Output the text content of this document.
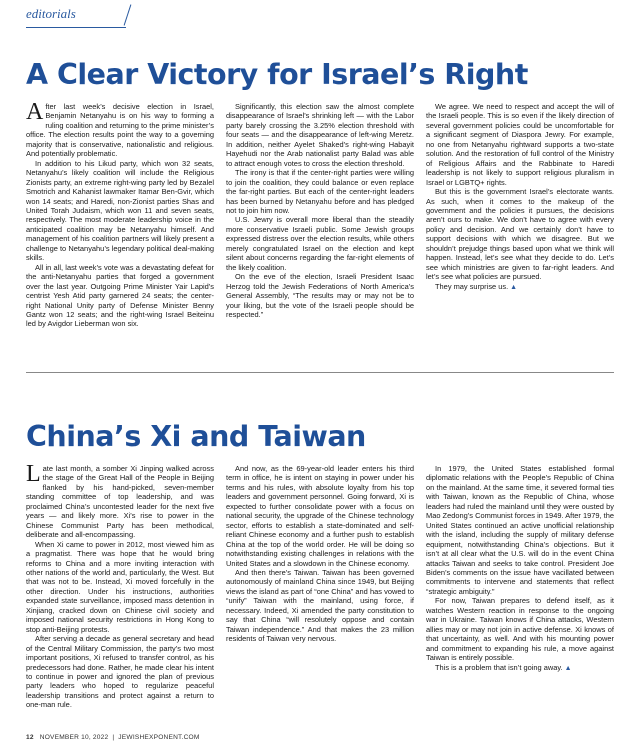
editorials
A Clear Victory for Israel’s Right

After last week’s decisive election in Israel, Benjamin Netanyahu is on his way to forming a ruling coalition and returning to the prime minister’s office. The election results point the way to a governing majority that is conservative, nationalistic and religious. And potentially problematic.

In addition to his Likud party, which won 32 seats, Netanyahu’s likely coalition will include the Religious Zionists party, an extreme right-wing party led by Bezalel Smotrich and Kahanist lawmaker Itamar Ben-Gvir, which won 14 seats; and Haredi, non-Zionist parties Shas and United Torah Judaism, which won 11 and seven seats, respectively. The most moderate leadership voice in the anticipated coalition may be Netanyahu himself. And management of his coalition partners will likely present a challenge to Netanyahu’s legendary political deal-making skills.

All in all, last week’s vote was a devastating defeat for the anti-Netanyahu parties that forged a government over the last year. Outgoing Prime Minister Yair Lapid’s centrist Yesh Atid party garnered 24 seats; the center-right National Unity party of Defense Minister Benny Gantz won 12 seats; and the right-wing Israel Beiteinu led by Avigdor Lieberman won six.

Significantly, this election saw the almost complete disappearance of Israel’s shrinking left — with the Labor party barely crossing the 3.25% election threshold with four seats — and the disappearance of left-wing Meretz. In addition, neither Ayelet Shaked’s right-wing Habayit Hayehudi nor the Arab nationalist party Balad was able to attract enough votes to cross the election threshold.

The irony is that if the center-right parties were willing to join the coalition, they could balance or even replace the far-right parties. But each of the center-right leaders has been burned by Netanyahu before and has pledged not to join him now.

U.S. Jewry is overall more liberal than the steadily more conservative Israeli public. Some Jewish groups expressed distress over the election results, while others merely congratulated Israel on the election and kept silent about concerns regarding the far-right elements of the likely coalition.

On the eve of the election, Israeli President Isaac Herzog told the Jewish Federations of North America’s General Assembly, “The results may or may not be to your liking, but the vote of the Israeli people should be respected.”

We agree. We need to respect and accept the will of the Israeli people. This is so even if the likely direction of several government policies could be uncomfortable for a significant segment of Diaspora Jewry. For example, no one from Netanyahu rightward supports a two-state solution. And the restoration of full control of the Ministry of Religious Affairs and the Rabbinate to Haredi leadership is not likely to support religious pluralism in Israel or LGBTQ+ rights.

But this is the government Israel’s electorate wants. As such, when it comes to the makeup of the government and the policies it pursues, the decisions aren’t ours to make. We don’t have to agree with every policy and decision. And we certainly don’t have to support decisions with which we disagree. But we shouldn’t prejudge things based upon what we think will happen. Instead, let’s see what they decide to do. Let’s see which ministries are given to far-right leaders. And let’s see what policies are pursued.

They may surprise us. ▲

China’s Xi and Taiwan

Late last month, a somber Xi Jinping walked across the stage of the Great Hall of the People in Beijing flanked by his hand-picked, seven-member standing committee of top leadership, and was proclaimed China’s uncontested leader for the next five years — and likely more. Xi’s rise to power in the Chinese Communist Party has been methodical, deliberate and all-encompassing.

When Xi came to power in 2012, most viewed him as a pragmatist. There was hope that he would bring reforms to China and a more inviting interaction with other nations of the world and, particularly, the West. But that was not to be. Instead, Xi moved forcefully in the other direction. Under his instructions, authorities expanded state surveillance, imposed mass detention in Xinjiang, cracked down on Chinese civil society and imposed national security restrictions in Hong Kong to stop anti-Beijing protests.

After serving a decade as general secretary and head of the Central Military Commission, the party’s two most important positions, Xi refused to transfer control, as his predecessors had done. Rather, he made clear his intent to continue in power and ignored the plan of previous party leaders who hoped to regularize peaceful leadership transitions and protect against a return to one-man rule.

And now, as the 69-year-old leader enters his third term in office, he is intent on staying in power under his terms and his rules, with absolute loyalty from his top leaders and government personnel. Going forward, Xi is expected to further consolidate power with a focus on national security, the upgrade of the Chinese technology sector, efforts to establish a state-dominated and self-reliant Chinese economy and a further push to establish China at the top of the world order. He will be doing so notwithstanding existing challenges in relations with the United States and a slowdown in the Chinese economy.

And then there’s Taiwan. Taiwan has been governed autonomously of mainland China since 1949, but Beijing views the island as part of “one China” and has vowed to “unify” Taiwan with the mainland, using force, if necessary. Indeed, Xi amended the party constitution to say that China “will resolutely oppose and contain Taiwan independence.” And that makes the 23 million residents of Taiwan very nervous.

In 1979, the United States established formal diplomatic relations with the People’s Republic of China on the mainland. At the same time, it severed formal ties with Taiwan, known as the Republic of China, whose leaders had ruled the mainland until they were ousted by Mao Zedong’s Communist forces in 1949. After 1979, the United States continued an active unofficial relationship with the island, including the supply of military defense equipment, notwithstanding China’s objections. But it isn’t at all clear what the U.S. will do in the event China attacks Taiwan and seeks to take control. President Joe Biden’s comments on the issue have vacillated between commitments to intervene and statements that reflect “strategic ambiguity.”

For now, Taiwan prepares to defend itself, as it watches Western reaction in response to the ongoing war in Ukraine. Taiwan knows if China attacks, Western allies may or may not join in active defense. Xi knows of that uncertainty, as well. And with his mounting power and commitment to expanding his rule, a move against Taiwan is entirely possible.

This is a problem that isn’t going away. ▲

12 NOVEMBER 10, 2022 | JEWISHEXPONENT.COM
